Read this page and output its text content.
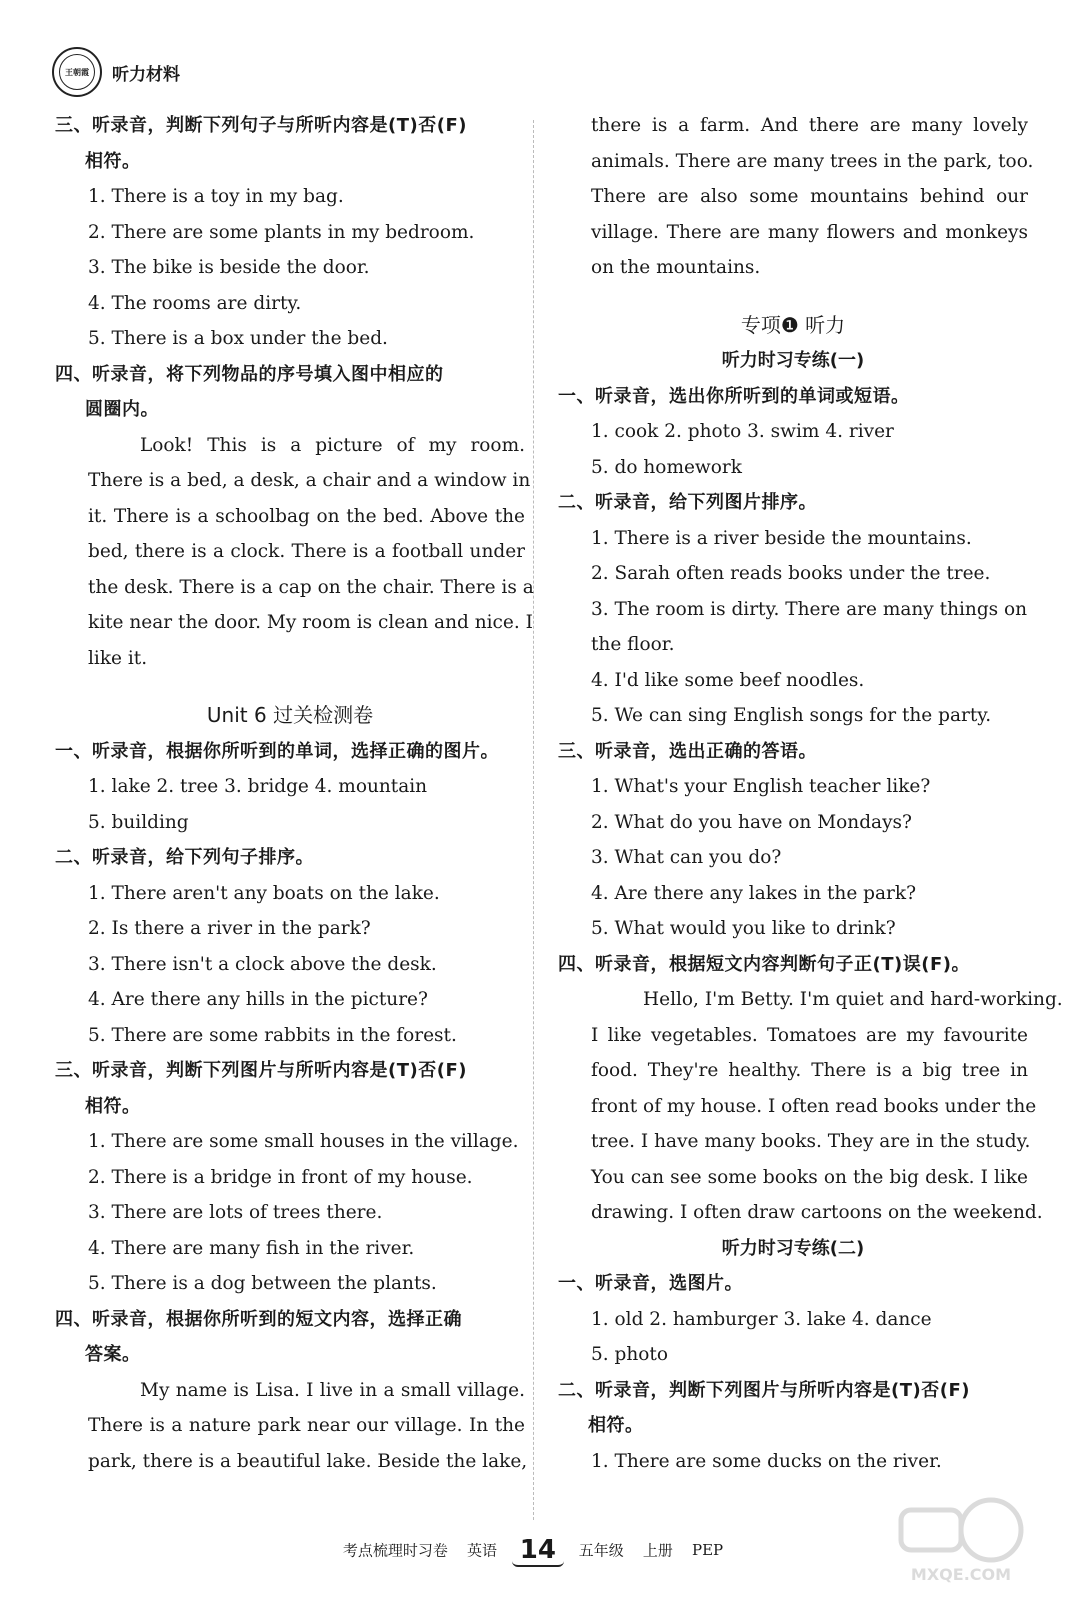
王朝霞	听力材料
三、听录音，判断下列句子与所听内容是(T)否(F)
相符。
1. There is a toy in my bag.
2. There are some plants in my bedroom.
3. The bike is beside the door.
4. The rooms are dirty.
5. There is a box under the bed.
四、听录音，将下列物品的序号填入图中相应的
圆圈内。
Look! This is a picture of my room.
There is a bed, a desk, a chair and a window in
it. There is a schoolbag on the bed. Above the
bed, there is a clock. There is a football under
the desk. There is a cap on the chair. There is a
kite near the door. My room is clean and nice. I
like it.
Unit 6 过关检测卷
一、听录音，根据你所听到的单词，选择正确的图片。
1. lake 2. tree 3. bridge 4. mountain
5. building
二、听录音，给下列句子排序。
1. There aren't any boats on the lake.
2. Is there a river in the park?
3. There isn't a clock above the desk.
4. Are there any hills in the picture?
5. There are some rabbits in the forest.
三、听录音，判断下列图片与所听内容是(T)否(F)
相符。
1. There are some small houses in the village.
2. There is a bridge in front of my house.
3. There are lots of trees there.
4. There are many fish in the river.
5. There is a dog between the plants.
四、听录音，根据你所听到的短文内容，选择正确
答案。
My name is Lisa. I live in a small village.
There is a nature park near our village. In the
park, there is a beautiful lake. Beside the lake,
there is a farm. And there are many lovely
animals. There are many trees in the park, too.
There are also some mountains behind our
village. There are many flowers and monkeys
on the mountains.
专项❶ 听力
听力时习专练(一)
一、听录音，选出你所听到的单词或短语。
1. cook 2. photo 3. swim 4. river
5. do homework
二、听录音，给下列图片排序。
1. There is a river beside the mountains.
2. Sarah often reads books under the tree.
3. The room is dirty. There are many things on
the floor.
4. I'd like some beef noodles.
5. We can sing English songs for the party.
三、听录音，选出正确的答语。
1. What's your English teacher like?
2. What do you have on Mondays?
3. What can you do?
4. Are there any lakes in the park?
5. What would you like to drink?
四、听录音，根据短文内容判断句子正(T)误(F)。
Hello, I'm Betty. I'm quiet and hard-working.
I like vegetables. Tomatoes are my favourite
food. They're healthy. There is a big tree in
front of my house. I often read books under the
tree. I have many books. They are in the study.
You can see some books on the big desk. I like
drawing. I often draw cartoons on the weekend.
听力时习专练(二)
一、听录音，选图片。
1. old 2. hamburger 3. lake 4. dance
5. photo
二、听录音，判断下列图片与所听内容是(T)否(F)
相符。
1. There are some ducks on the river.
考点梳理时习卷 英语 14 五年级 上册 PEP
MXQE.COM
